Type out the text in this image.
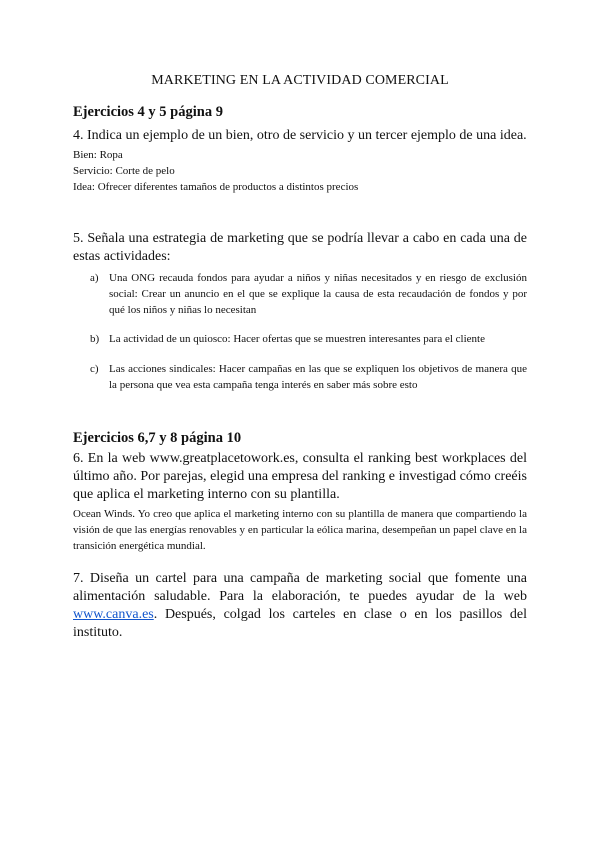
MARKETING EN LA ACTIVIDAD COMERCIAL

Ejercicios 4 y 5 página 9

4. Indica un ejemplo de un bien, otro de servicio y un tercer ejemplo de una idea.

Bien: Ropa

Servicio: Corte de pelo

Idea: Ofrecer diferentes tamaños de productos a distintos precios

5. Señala una estrategia de marketing que se podría llevar a cabo en cada una de estas actividades:

a) Una ONG recauda fondos para ayudar a niños y niñas necesitados y en riesgo de exclusión social: Crear un anuncio en el que se explique la causa de esta recaudación de fondos y por qué los niños y niñas lo necesitan
b) La actividad de un quiosco: Hacer ofertas que se muestren interesantes para el cliente
c) Las acciones sindicales: Hacer campañas en las que se expliquen los objetivos de manera que la persona que vea esta campaña tenga interés en saber más sobre esto

Ejercicios 6,7 y 8 página 10

6. En la web www.greatplacetowork.es, consulta el ranking best workplaces del último año. Por parejas, elegid una empresa del ranking e investigad cómo creéis que aplica el marketing interno con su plantilla.

Ocean Winds. Yo creo que aplica el marketing interno con su plantilla de manera que compartiendo la visión de que las energías renovables y en particular la eólica marina, desempeñan un papel clave en la transición energética mundial.

7. Diseña un cartel para una campaña de marketing social que fomente una alimentación saludable. Para la elaboración, te puedes ayudar de la web www.canva.es. Después, colgad los carteles en clase o en los pasillos del instituto.
